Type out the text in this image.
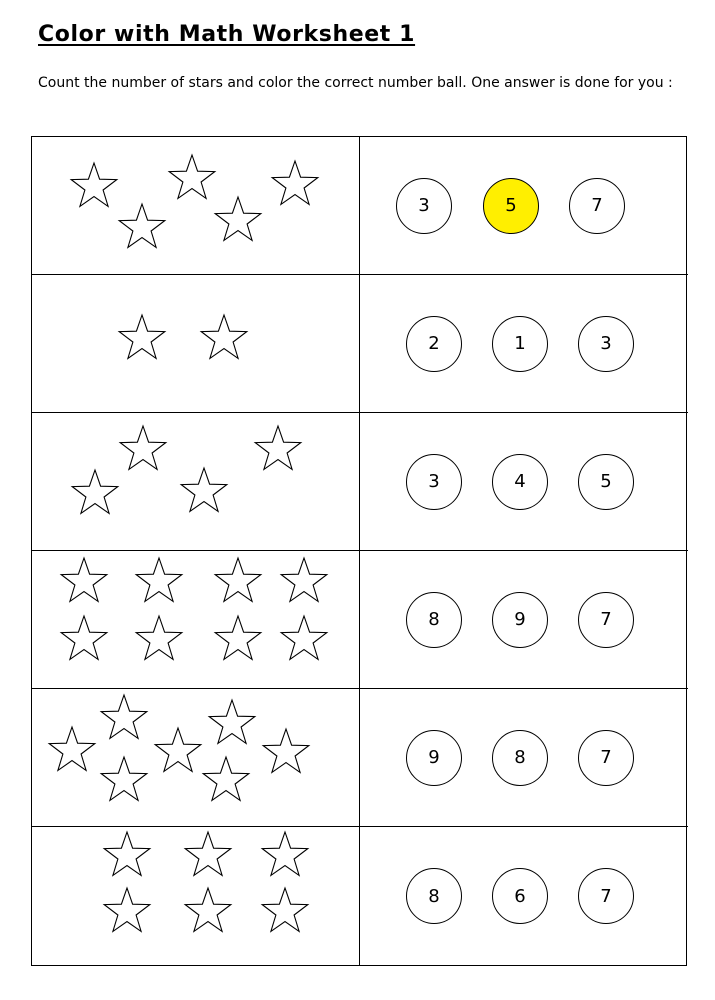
Color with Math Worksheet 1

Count the number of stars and color the correct number ball. One answer is done for you :

3	5	7
2	1	3
3	4	5
8	9	7
9	8	7
8	6	7
